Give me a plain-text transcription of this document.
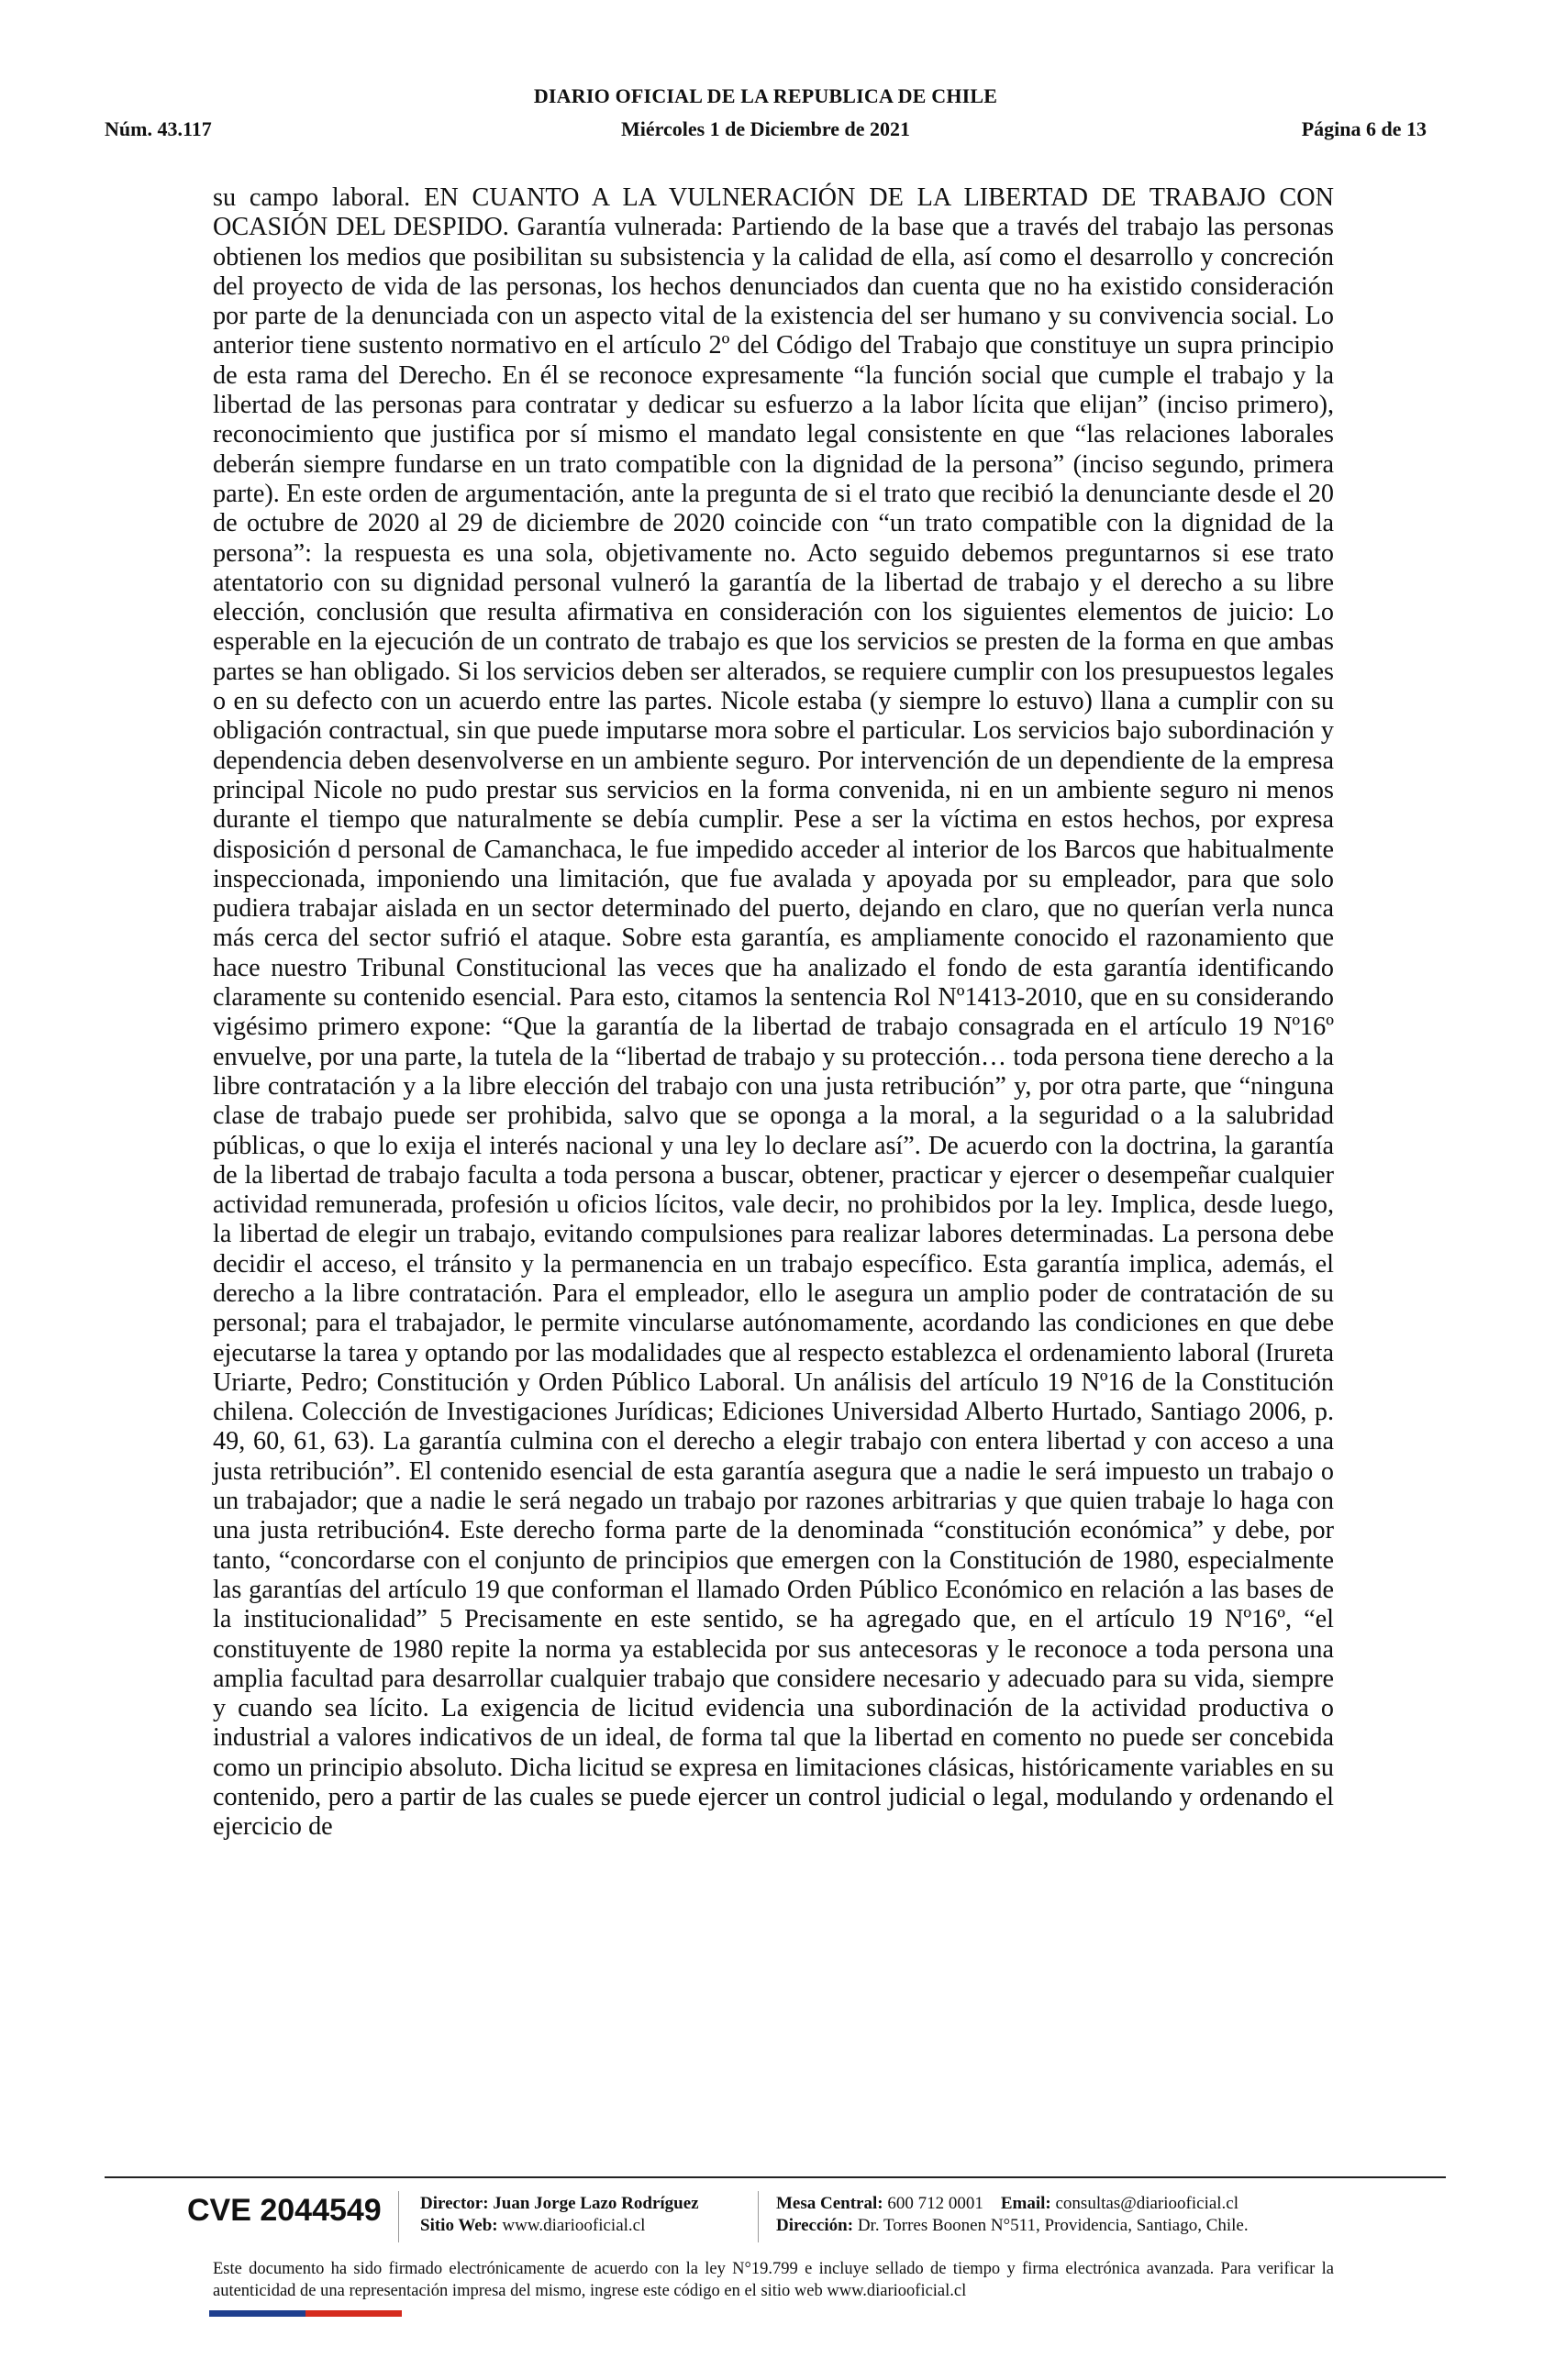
DIARIO OFICIAL DE LA REPUBLICA DE CHILE
Núm. 43.117	Miércoles 1 de Diciembre de 2021	Página 6 de 13
su campo laboral. EN CUANTO A LA VULNERACIÓN DE LA LIBERTAD DE TRABAJO CON OCASIÓN DEL DESPIDO. Garantía vulnerada: Partiendo de la base que a través del trabajo las personas obtienen los medios que posibilitan su subsistencia y la calidad de ella, así como el desarrollo y concreción del proyecto de vida de las personas, los hechos denunciados dan cuenta que no ha existido consideración por parte de la denunciada con un aspecto vital de la existencia del ser humano y su convivencia social. Lo anterior tiene sustento normativo en el artículo 2º del Código del Trabajo que constituye un supra principio de esta rama del Derecho. En él se reconoce expresamente “la función social que cumple el trabajo y la libertad de las personas para contratar y dedicar su esfuerzo a la labor lícita que elijan” (inciso primero), reconocimiento que justifica por sí mismo el mandato legal consistente en que “las relaciones laborales deberán siempre fundarse en un trato compatible con la dignidad de la persona” (inciso segundo, primera parte). En este orden de argumentación, ante la pregunta de si el trato que recibió la denunciante desde el 20 de octubre de 2020 al 29 de diciembre de 2020 coincide con “un trato compatible con la dignidad de la persona”: la respuesta es una sola, objetivamente no. Acto seguido debemos preguntarnos si ese trato atentatorio con su dignidad personal vulneró la garantía de la libertad de trabajo y el derecho a su libre elección, conclusión que resulta afirmativa en consideración con los siguientes elementos de juicio: Lo esperable en la ejecución de un contrato de trabajo es que los servicios se presten de la forma en que ambas partes se han obligado. Si los servicios deben ser alterados, se requiere cumplir con los presupuestos legales o en su defecto con un acuerdo entre las partes. Nicole estaba (y siempre lo estuvo) llana a cumplir con su obligación contractual, sin que puede imputarse mora sobre el particular. Los servicios bajo subordinación y dependencia deben desenvolverse en un ambiente seguro. Por intervención de un dependiente de la empresa principal Nicole no pudo prestar sus servicios en la forma convenida, ni en un ambiente seguro ni menos durante el tiempo que naturalmente se debía cumplir. Pese a ser la víctima en estos hechos, por expresa disposición d personal de Camanchaca, le fue impedido acceder al interior de los Barcos que habitualmente inspeccionada, imponiendo una limitación, que fue avalada y apoyada por su empleador, para que solo pudiera trabajar aislada en un sector determinado del puerto, dejando en claro, que no querían verla nunca más cerca del sector sufrió el ataque. Sobre esta garantía, es ampliamente conocido el razonamiento que hace nuestro Tribunal Constitucional las veces que ha analizado el fondo de esta garantía identificando claramente su contenido esencial. Para esto, citamos la sentencia Rol Nº1413-2010, que en su considerando vigésimo primero expone: “Que la garantía de la libertad de trabajo consagrada en el artículo 19 Nº16º envuelve, por una parte, la tutela de la “libertad de trabajo y su protección… toda persona tiene derecho a la libre contratación y a la libre elección del trabajo con una justa retribución” y, por otra parte, que “ninguna clase de trabajo puede ser prohibida, salvo que se oponga a la moral, a la seguridad o a la salubridad públicas, o que lo exija el interés nacional y una ley lo declare así”. De acuerdo con la doctrina, la garantía de la libertad de trabajo faculta a toda persona a buscar, obtener, practicar y ejercer o desempeñar cualquier actividad remunerada, profesión u oficios lícitos, vale decir, no prohibidos por la ley. Implica, desde luego, la libertad de elegir un trabajo, evitando compulsiones para realizar labores determinadas. La persona debe decidir el acceso, el tránsito y la permanencia en un trabajo específico. Esta garantía implica, además, el derecho a la libre contratación. Para el empleador, ello le asegura un amplio poder de contratación de su personal; para el trabajador, le permite vincularse autónomamente, acordando las condiciones en que debe ejecutarse la tarea y optando por las modalidades que al respecto establezca el ordenamiento laboral (Irureta Uriarte, Pedro; Constitución y Orden Público Laboral. Un análisis del artículo 19 Nº16 de la Constitución chilena. Colección de Investigaciones Jurídicas; Ediciones Universidad Alberto Hurtado, Santiago 2006, p. 49, 60, 61, 63). La garantía culmina con el derecho a elegir trabajo con entera libertad y con acceso a una justa retribución”. El contenido esencial de esta garantía asegura que a nadie le será impuesto un trabajo o un trabajador; que a nadie le será negado un trabajo por razones arbitrarias y que quien trabaje lo haga con una justa retribución4. Este derecho forma parte de la denominada “constitución económica” y debe, por tanto, “concordarse con el conjunto de principios que emergen con la Constitución de 1980, especialmente las garantías del artículo 19 que conforman el llamado Orden Público Económico en relación a las bases de la institucionalidad” 5 Precisamente en este sentido, se ha agregado que, en el artículo 19 Nº16º, “el constituyente de 1980 repite la norma ya establecida por sus antecesoras y le reconoce a toda persona una amplia facultad para desarrollar cualquier trabajo que considere necesario y adecuado para su vida, siempre y cuando sea lícito. La exigencia de licitud evidencia una subordinación de la actividad productiva o industrial a valores indicativos de un ideal, de forma tal que la libertad en comento no puede ser concebida como un principio absoluto. Dicha licitud se expresa en limitaciones clásicas, históricamente variables en su contenido, pero a partir de las cuales se puede ejercer un control judicial o legal, modulando y ordenando el ejercicio de
CVE 2044549 Director: Juan Jorge Lazo Rodríguez
Sitio Web: www.diariooficial.cl
Mesa Central: 600 712 0001 Email: consultas@diariooficial.cl
Dirección: Dr. Torres Boonen N°511, Providencia, Santiago, Chile.
Este documento ha sido firmado electrónicamente de acuerdo con la ley N°19.799 e incluye sellado de tiempo y firma electrónica avanzada. Para verificar la autenticidad de una representación impresa del mismo, ingrese este código en el sitio web www.diariooficial.cl
